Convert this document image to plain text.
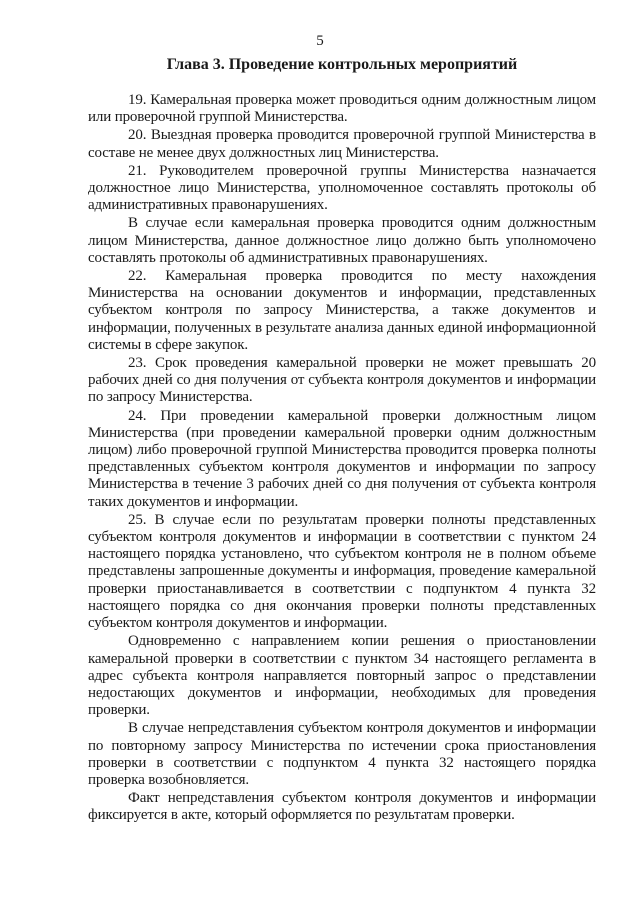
5

Глава 3. Проведение контрольных мероприятий

19. Камеральная проверка может проводиться одним должностным лицом или проверочной группой Министерства.

20. Выездная проверка проводится проверочной группой Министерства в составе не менее двух должностных лиц Министерства.

21. Руководителем проверочной группы Министерства назначается должностное лицо Министерства, уполномоченное составлять протоколы об административных правонарушениях.

В случае если камеральная проверка проводится одним должностным лицом Министерства, данное должностное лицо должно быть уполномочено составлять протоколы об административных правонарушениях.

22. Камеральная проверка проводится по месту нахождения Министерства на основании документов и информации, представленных субъектом контроля по запросу Министерства, а также документов и информации, полученных в результате анализа данных единой информационной системы в сфере закупок.

23. Срок проведения камеральной проверки не может превышать 20 рабочих дней со дня получения от субъекта контроля документов и информации по запросу Министерства.

24. При проведении камеральной проверки должностным лицом Министерства (при проведении камеральной проверки одним должностным лицом) либо проверочной группой Министерства проводится проверка полноты представленных субъектом контроля документов и информации по запросу Министерства в течение 3 рабочих дней со дня получения от субъекта контроля таких документов и информации.

25. В случае если по результатам проверки полноты представленных субъектом контроля документов и информации в соответствии с пунктом 24 настоящего порядка установлено, что субъектом контроля не в полном объеме представлены запрошенные документы и информация, проведение камеральной проверки приостанавливается в соответствии с подпунктом 4 пункта 32 настоящего порядка со дня окончания проверки полноты представленных субъектом контроля документов и информации.

Одновременно с направлением копии решения о приостановлении камеральной проверки в соответствии с пунктом 34 настоящего регламента в адрес субъекта контроля направляется повторный запрос о представлении недостающих документов и информации, необходимых для проведения проверки.

В случае непредставления субъектом контроля документов и информации по повторному запросу Министерства по истечении срока приостановления проверки в соответствии с подпунктом 4 пункта 32 настоящего порядка проверка возобновляется.

Факт непредставления субъектом контроля документов и информации фиксируется в акте, который оформляется по результатам проверки.
